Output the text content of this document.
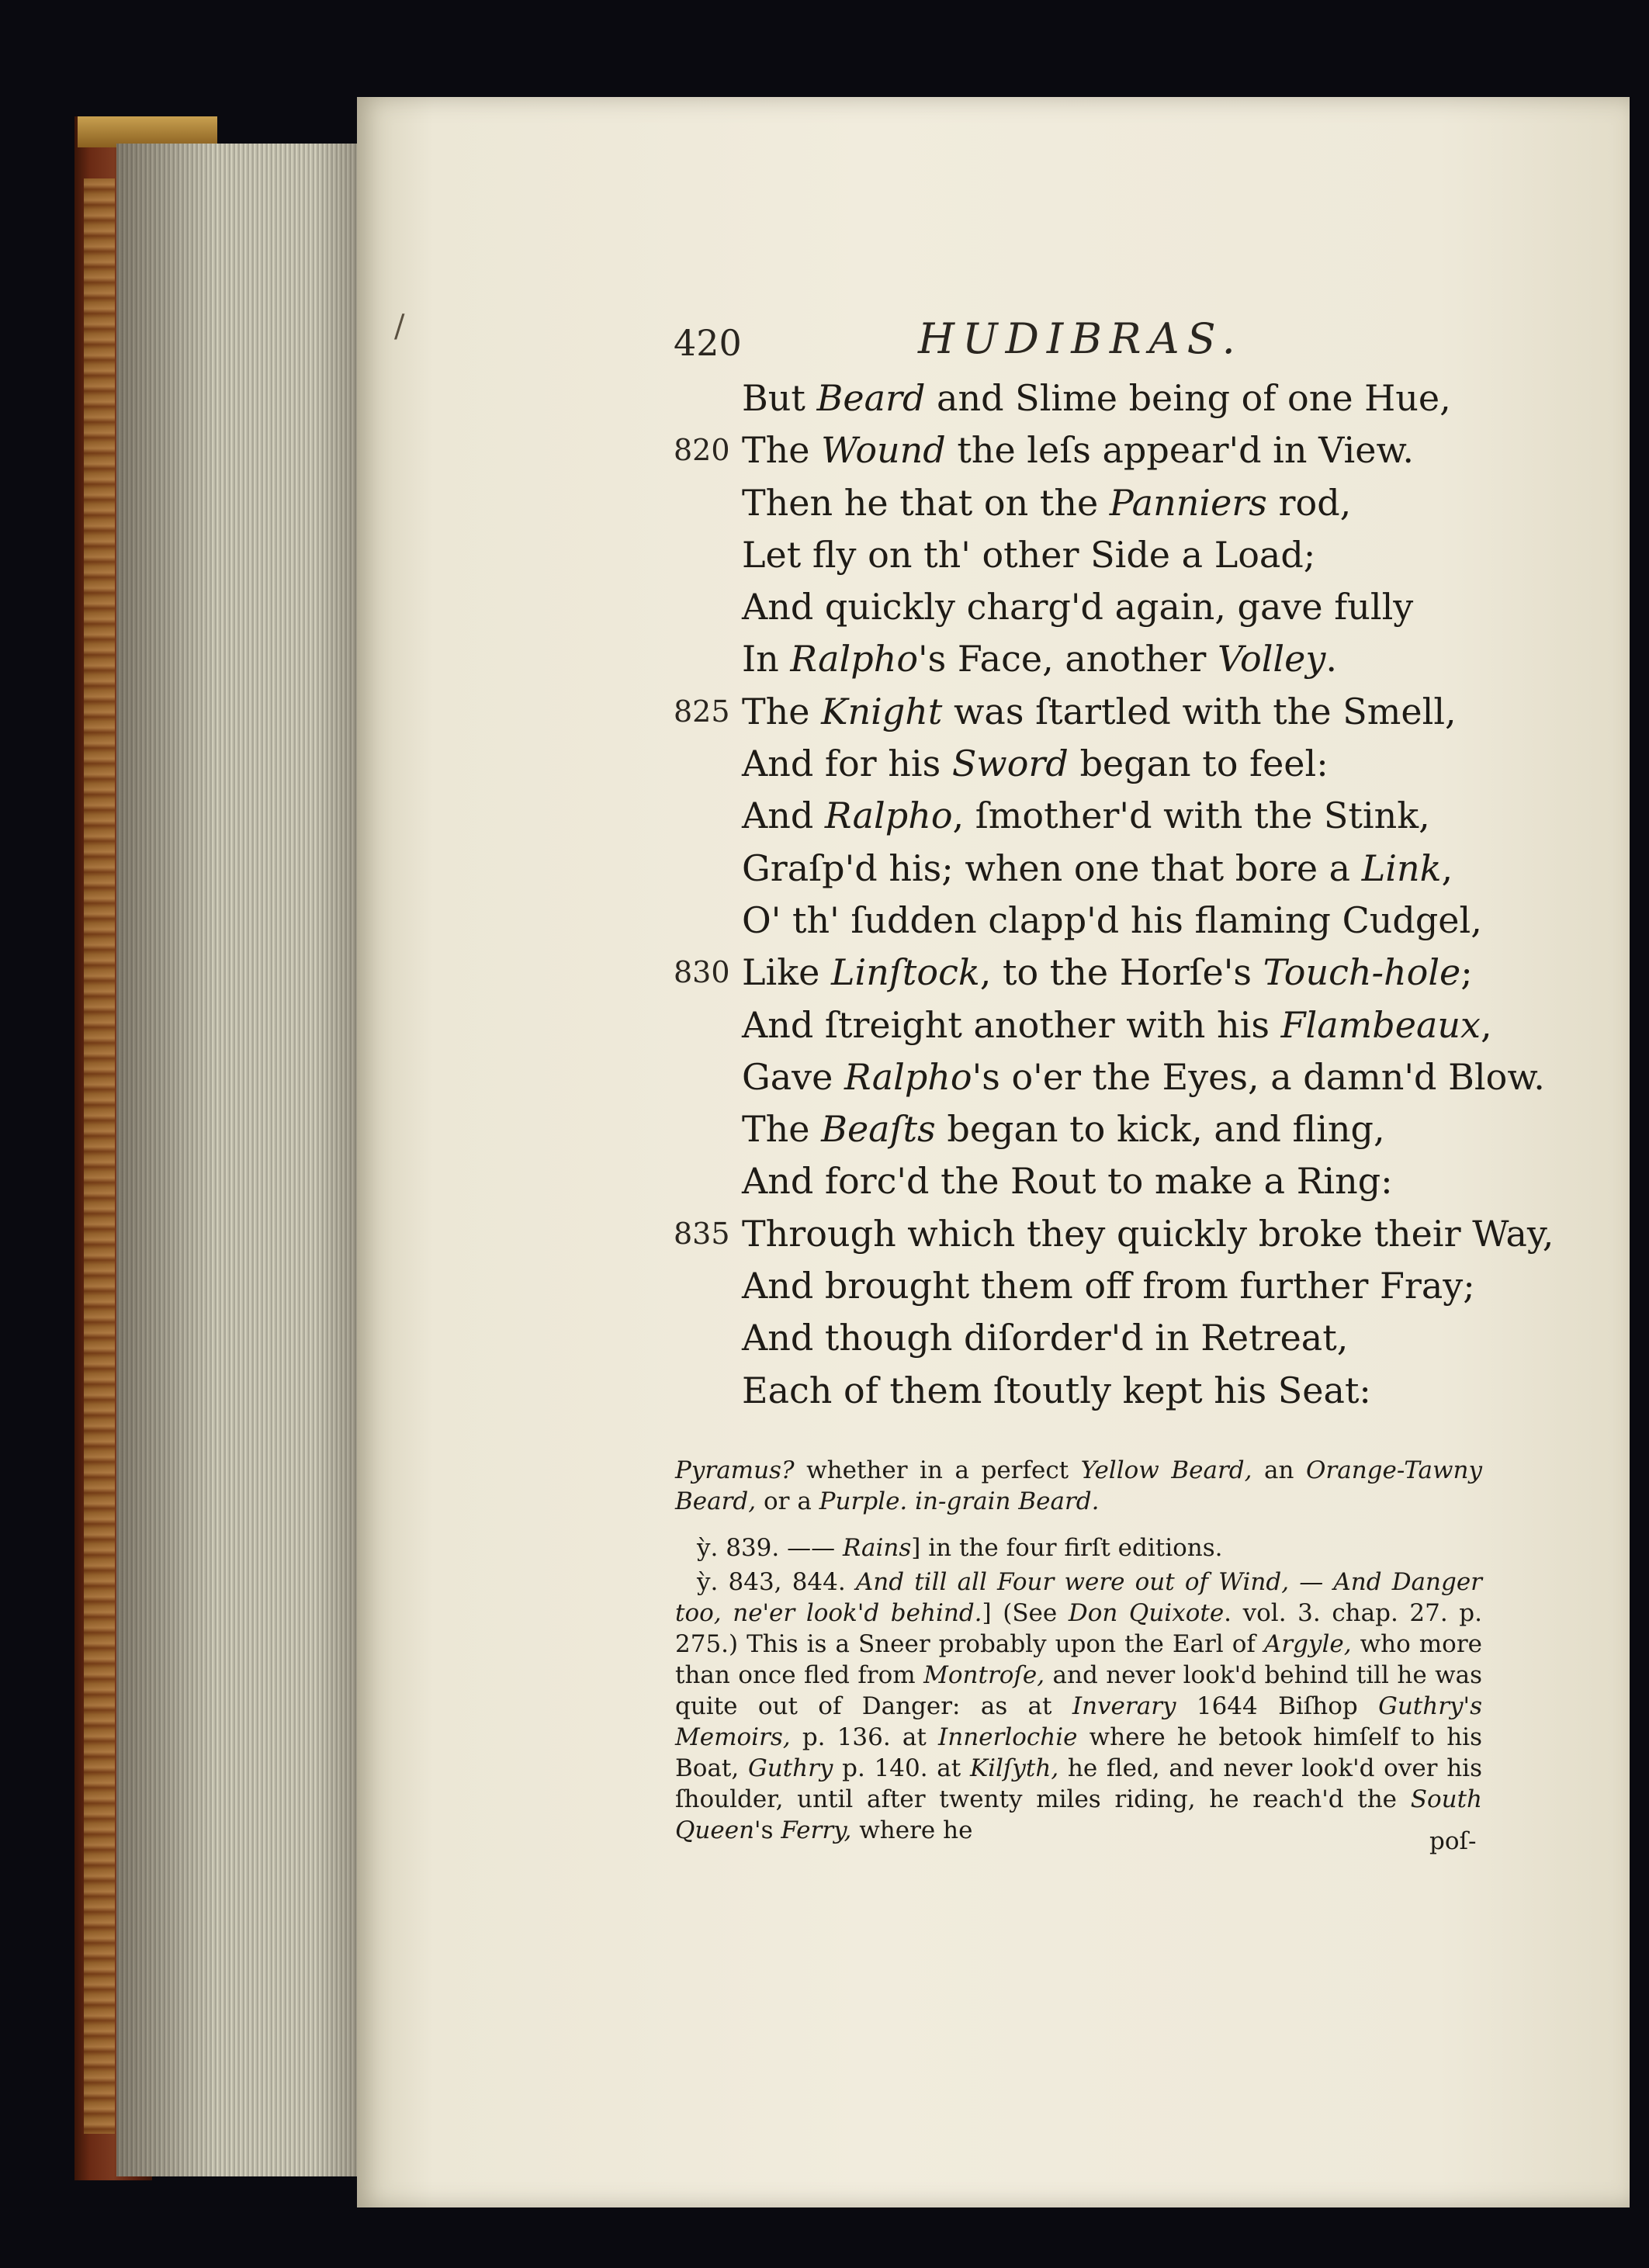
/	420	HUDIBRAS.
But Beard and Slime being of one Hue,
820 The Wound the leſs appear'd in View.
Then he that on the Panniers rod,
Let fly on th' other Side a Load;
And quickly charg'd again, gave fully
In Ralpho's Face, another Volley.
825 The Knight was ſtartled with the Smell,
And for his Sword began to feel:
And Ralpho, ſmother'd with the Stink,
Graſp'd his; when one that bore a Link,
O' th' ſudden clapp'd his flaming Cudgel,
830 Like Linſtock, to the Horſe's Touch-hole;
And ſtreight another with his Flambeaux,
Gave Ralpho's o'er the Eyes, a damn'd Blow.
The Beaſts began to kick, and fling,
And forc'd the Rout to make a Ring:
835 Through which they quickly broke their Way,
And brought them off from further Fray;
And though diſorder'd in Retreat,
Each of them ſtoutly kept his Seat:
Pyramus? whether in a perfect Yellow Beard, an Orange-Tawny Beard, or a Purple. in-grain Beard.
ỳ. 839. —— Rains] in the four firſt editions.
ỳ. 843, 844. And till all Four were out of Wind, — And Danger too, ne'er look'd behind.] (See Don Quixote. vol. 3. chap. 27. p. 275.) This is a Sneer probably upon the Earl of Argyle, who more than once fled from Montroſe, and never look'd behind till he was quite out of Danger: as at Inverary 1644 Biſhop Guthry's Memoirs, p. 136. at Innerlochie where he betook himſelf to his Boat, Guthry p. 140. at Kilſyth, he fled, and never look'd over his ſhoulder, until after twenty miles riding, he reach'd the South Queen's Ferry, where he	poſ-
